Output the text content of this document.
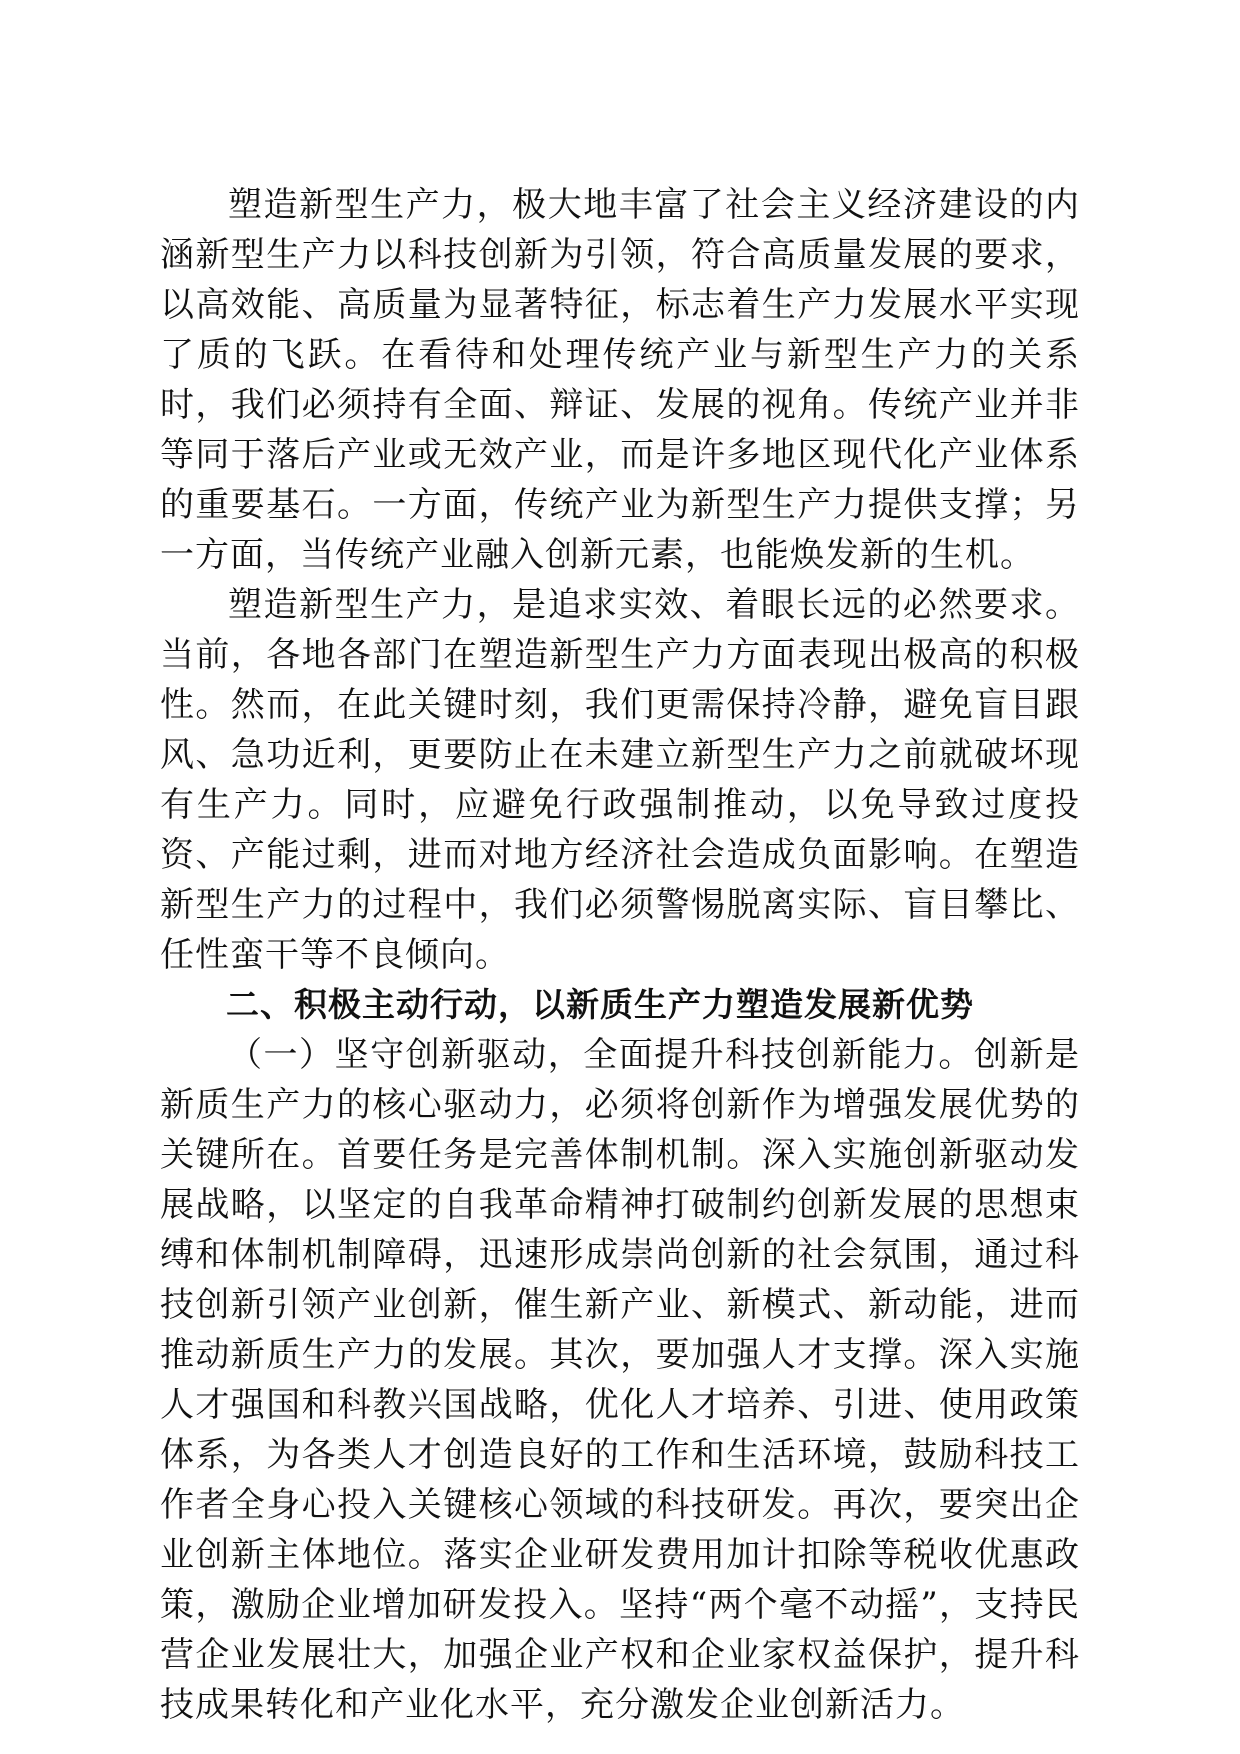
塑造新型生产力，极大地丰富了社会主义经济建设的内涵新型生产力以科技创新为引领，符合高质量发展的要求，以高效能、高质量为显著特征，标志着生产力发展水平实现了质的飞跃。在看待和处理传统产业与新型生产力的关系时，我们必须持有全面、辩证、发展的视角。传统产业并非等同于落后产业或无效产业，而是许多地区现代化产业体系的重要基石。一方面，传统产业为新型生产力提供支撑；另一方面，当传统产业融入创新元素，也能焕发新的生机。

塑造新型生产力，是追求实效、着眼长远的必然要求。当前，各地各部门在塑造新型生产力方面表现出极高的积极性。然而，在此关键时刻，我们更需保持冷静，避免盲目跟风、急功近利，更要防止在未建立新型生产力之前就破坏现有生产力。同时，应避免行政强制推动，以免导致过度投资、产能过剩，进而对地方经济社会造成负面影响。在塑造新型生产力的过程中，我们必须警惕脱离实际、盲目攀比、任性蛮干等不良倾向。

二、积极主动行动，以新质生产力塑造发展新优势

（一）坚守创新驱动，全面提升科技创新能力。创新是新质生产力的核心驱动力，必须将创新作为增强发展优势的关键所在。首要任务是完善体制机制。深入实施创新驱动发展战略，以坚定的自我革命精神打破制约创新发展的思想束缚和体制机制障碍，迅速形成崇尚创新的社会氛围，通过科技创新引领产业创新，催生新产业、新模式、新动能，进而推动新质生产力的发展。其次，要加强人才支撑。深入实施人才强国和科教兴国战略，优化人才培养、引进、使用政策体系，为各类人才创造良好的工作和生活环境，鼓励科技工作者全身心投入关键核心领域的科技研发。再次，要突出企业创新主体地位。落实企业研发费用加计扣除等税收优惠政策，激励企业增加研发投入。坚持“两个毫不动摇”，支持民营企业发展壮大，加强企业产权和企业家权益保护，提升科技成果转化和产业化水平，充分激发企业创新活力。
